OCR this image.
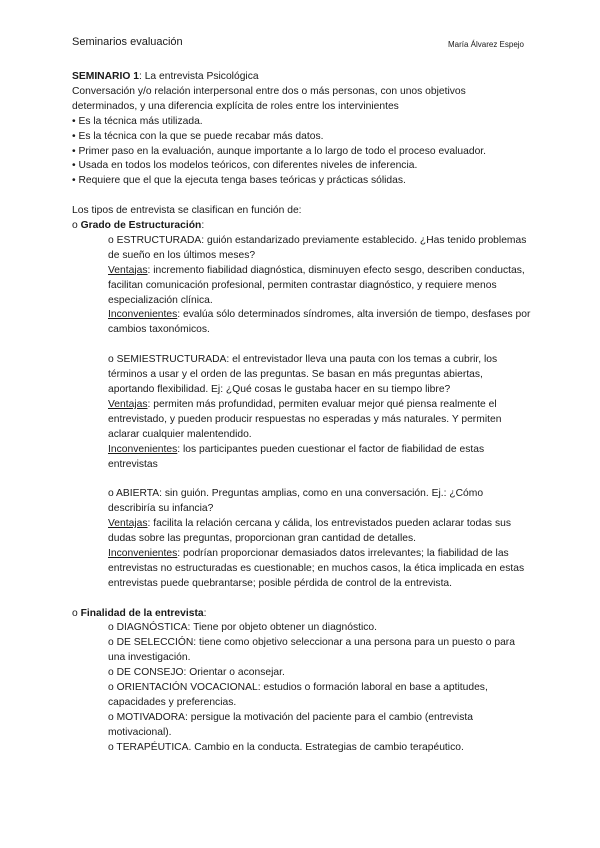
Seminarios evaluación	María Álvarez Espejo

SEMINARIO 1: La entrevista Psicológica

Conversación y/o relación interpersonal entre dos o más personas, con unos objetivos determinados, y una diferencia explícita de roles entre los intervinientes

• Es la técnica más utilizada.

• Es la técnica con la que se puede recabar más datos.

• Primer paso en la evaluación, aunque importante a lo largo de todo el proceso evaluador.

• Usada en todos los modelos teóricos, con diferentes niveles de inferencia.

• Requiere que el que la ejecuta tenga bases teóricas y prácticas sólidas.

Los tipos de entrevista se clasifican en función de:

o Grado de Estructuración:

o ESTRUCTURADA: guión estandarizado previamente establecido. ¿Has tenido problemas de sueño en los últimos meses?

Ventajas: incremento fiabilidad diagnóstica, disminuyen efecto sesgo, describen conductas, facilitan comunicación profesional, permiten contrastar diagnóstico, y requiere menos especialización clínica.

Inconvenientes: evalúa sólo determinados síndromes, alta inversión de tiempo, desfases por cambios taxonómicos.

o SEMIESTRUCTURADA: el entrevistador lleva una pauta con los temas a cubrir, los términos a usar y el orden de las preguntas. Se basan en más preguntas abiertas, aportando flexibilidad. Ej: ¿Qué cosas le gustaba hacer en su tiempo libre?

Ventajas: permiten más profundidad, permiten evaluar mejor qué piensa realmente el entrevistado, y pueden producir respuestas no esperadas y más naturales. Y permiten aclarar cualquier malentendido.

Inconvenientes: los participantes pueden cuestionar el factor de fiabilidad de estas entrevistas

o ABIERTA: sin guión. Preguntas amplias, como en una conversación. Ej.: ¿Cómo describiría su infancia?

Ventajas: facilita la relación cercana y cálida, los entrevistados pueden aclarar todas sus dudas sobre las preguntas, proporcionan gran cantidad de detalles.

Inconvenientes: podrían proporcionar demasiados datos irrelevantes; la fiabilidad de las entrevistas no estructuradas es cuestionable; en muchos casos, la ética implicada en estas entrevistas puede quebrantarse; posible pérdida de control de la entrevista.

o Finalidad de la entrevista:

o DIAGNÓSTICA: Tiene por objeto obtener un diagnóstico.

o DE SELECCIÓN: tiene como objetivo seleccionar a una persona para un puesto o para una investigación.

o DE CONSEJO: Orientar o aconsejar.

o ORIENTACIÓN VOCACIONAL: estudios o formación laboral en base a aptitudes, capacidades y preferencias.

o MOTIVADORA: persigue la motivación del paciente para el cambio (entrevista motivacional).

o TERAPÉUTICA. Cambio en la conducta. Estrategias de cambio terapéutico.
